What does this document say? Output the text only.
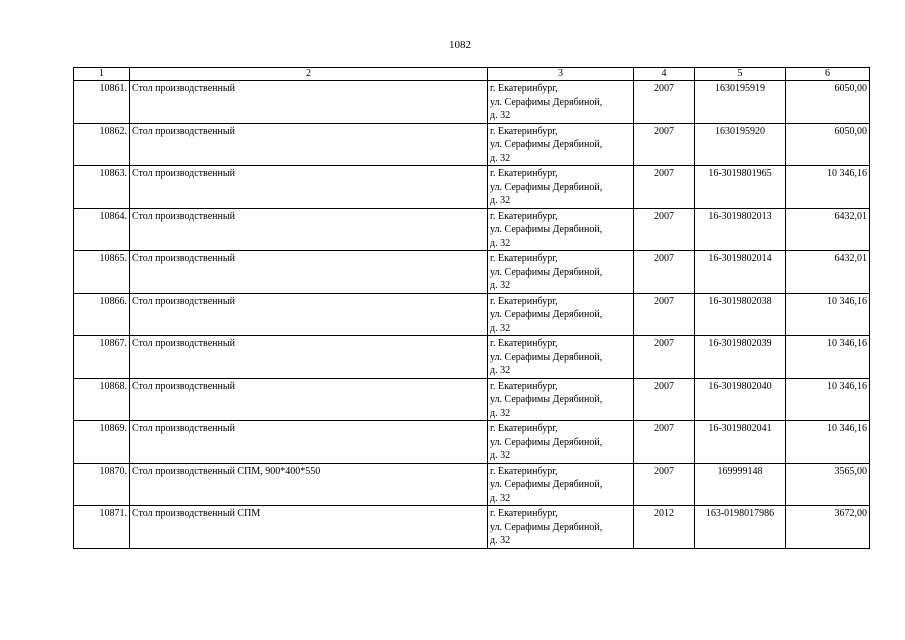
1082
1	2	3	4	5	6
10861.	Стол производственный	г. Екатеринбург,
ул. Серафимы Дерябиной,
д. 32	2007	1630195919	6050,00
10862.	Стол производственный	г. Екатеринбург,
ул. Серафимы Дерябиной,
д. 32	2007	1630195920	6050,00
10863.	Стол производственный	г. Екатеринбург,
ул. Серафимы Дерябиной,
д. 32	2007	16-3019801965	10 346,16
10864.	Стол производственный	г. Екатеринбург,
ул. Серафимы Дерябиной,
д. 32	2007	16-3019802013	6432,01
10865.	Стол производственный	г. Екатеринбург,
ул. Серафимы Дерябиной,
д. 32	2007	16-3019802014	6432,01
10866.	Стол производственный	г. Екатеринбург,
ул. Серафимы Дерябиной,
д. 32	2007	16-3019802038	10 346,16
10867.	Стол производственный	г. Екатеринбург,
ул. Серафимы Дерябиной,
д. 32	2007	16-3019802039	10 346,16
10868.	Стол производственный	г. Екатеринбург,
ул. Серафимы Дерябиной,
д. 32	2007	16-3019802040	10 346,16
10869.	Стол производственный	г. Екатеринбург,
ул. Серафимы Дерябиной,
д. 32	2007	16-3019802041	10 346,16
10870.	Стол производственный СПМ, 900*400*550	г. Екатеринбург,
ул. Серафимы Дерябиной,
д. 32	2007	169999148	3565,00
10871.	Стол производственный СПМ	г. Екатеринбург,
ул. Серафимы Дерябиной,
д. 32	2012	163-0198017986	3672,00
